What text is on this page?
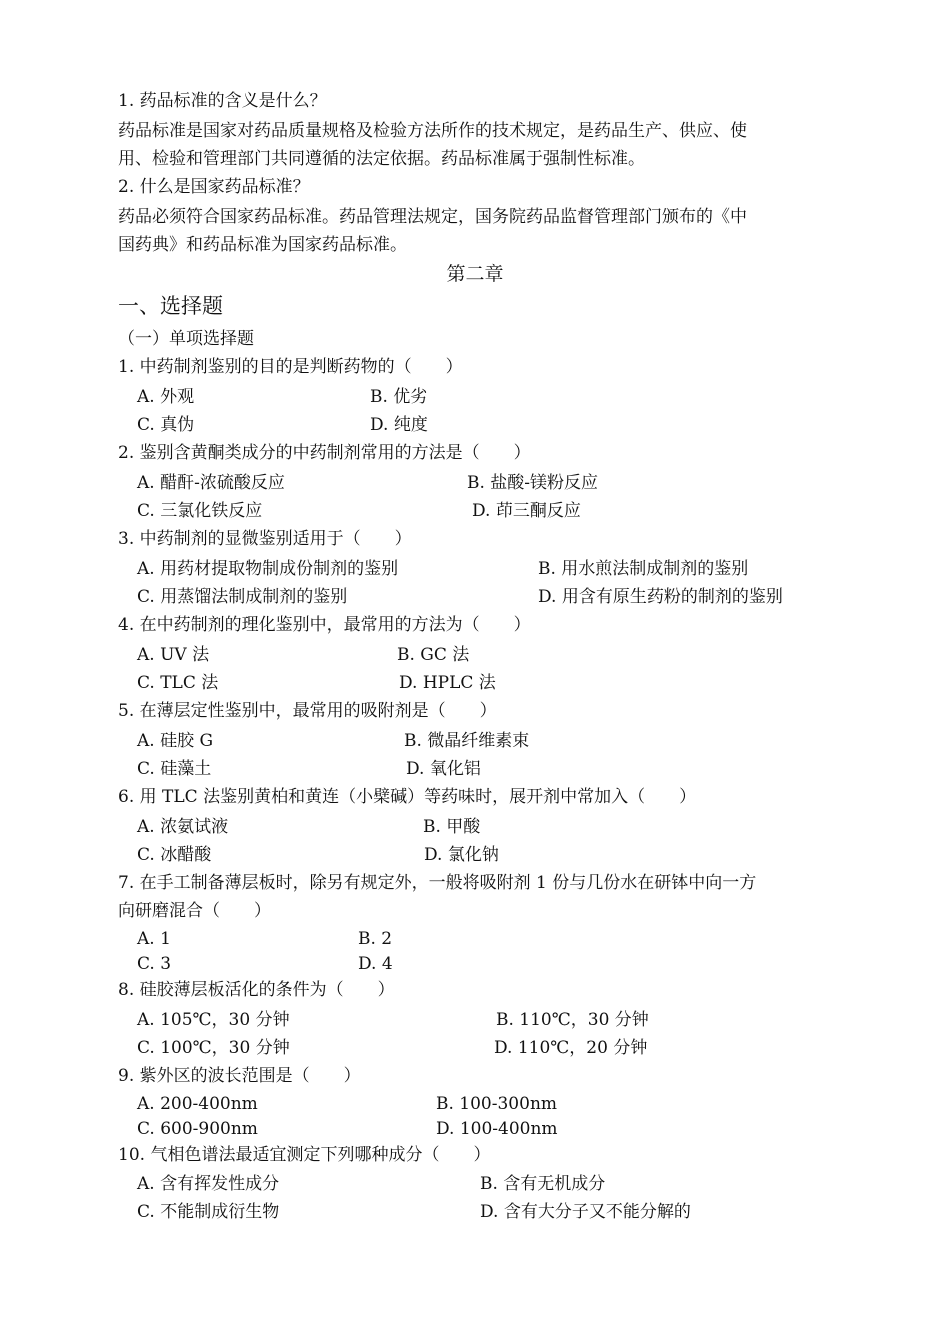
1. 药品标准的含义是什么？
药品标准是国家对药品质量规格及检验方法所作的技术规定，是药品生产、供应、使
用、检验和管理部门共同遵循的法定依据。药品标准属于强制性标准。
2. 什么是国家药品标准？
药品必须符合国家药品标准。药品管理法规定，国务院药品监督管理部门颁布的《中
国药典》和药品标准为国家药品标准。
第二章
一、选择题
（一）单项选择题
1. 中药制剂鉴别的目的是判断药物的（　　）
A. 外观	B. 优劣
C. 真伪	D. 纯度
2. 鉴别含黄酮类成分的中药制剂常用的方法是（　　）
A. 醋酐-浓硫酸反应	B. 盐酸-镁粉反应
C. 三氯化铁反应	D. 茚三酮反应
3. 中药制剂的显微鉴别适用于（　　）
A. 用药材提取物制成份制剂的鉴别	B. 用水煎法制成制剂的鉴别
C. 用蒸馏法制成制剂的鉴别	D. 用含有原生药粉的制剂的鉴别
4. 在中药制剂的理化鉴别中，最常用的方法为（　　）
A. UV 法	B. GC 法
C. TLC 法	D. HPLC 法
5. 在薄层定性鉴别中，最常用的吸附剂是（　　）
A. 硅胶 G	B. 微晶纤维素束
C. 硅藻土	D. 氧化铝
6. 用 TLC 法鉴别黄柏和黄连（小檗碱）等药味时，展开剂中常加入（　　）
A. 浓氨试液	B. 甲酸
C. 冰醋酸	D. 氯化钠
7. 在手工制备薄层板时，除另有规定外，一般将吸附剂 1 份与几份水在研钵中向一方
向研磨混合（　　）
A. 1	B. 2
C. 3	D. 4
8. 硅胶薄层板活化的条件为（　　）
A. 105℃，30 分钟	B. 110℃，30 分钟
C. 100℃，30 分钟	D. 110℃，20 分钟
9. 紫外区的波长范围是（　　）
A. 200-400nm	B. 100-300nm
C. 600-900nm	D. 100-400nm
10. 气相色谱法最适宜测定下列哪种成分（　　）
A. 含有挥发性成分	B. 含有无机成分
C. 不能制成衍生物	D. 含有大分子又不能分解的
